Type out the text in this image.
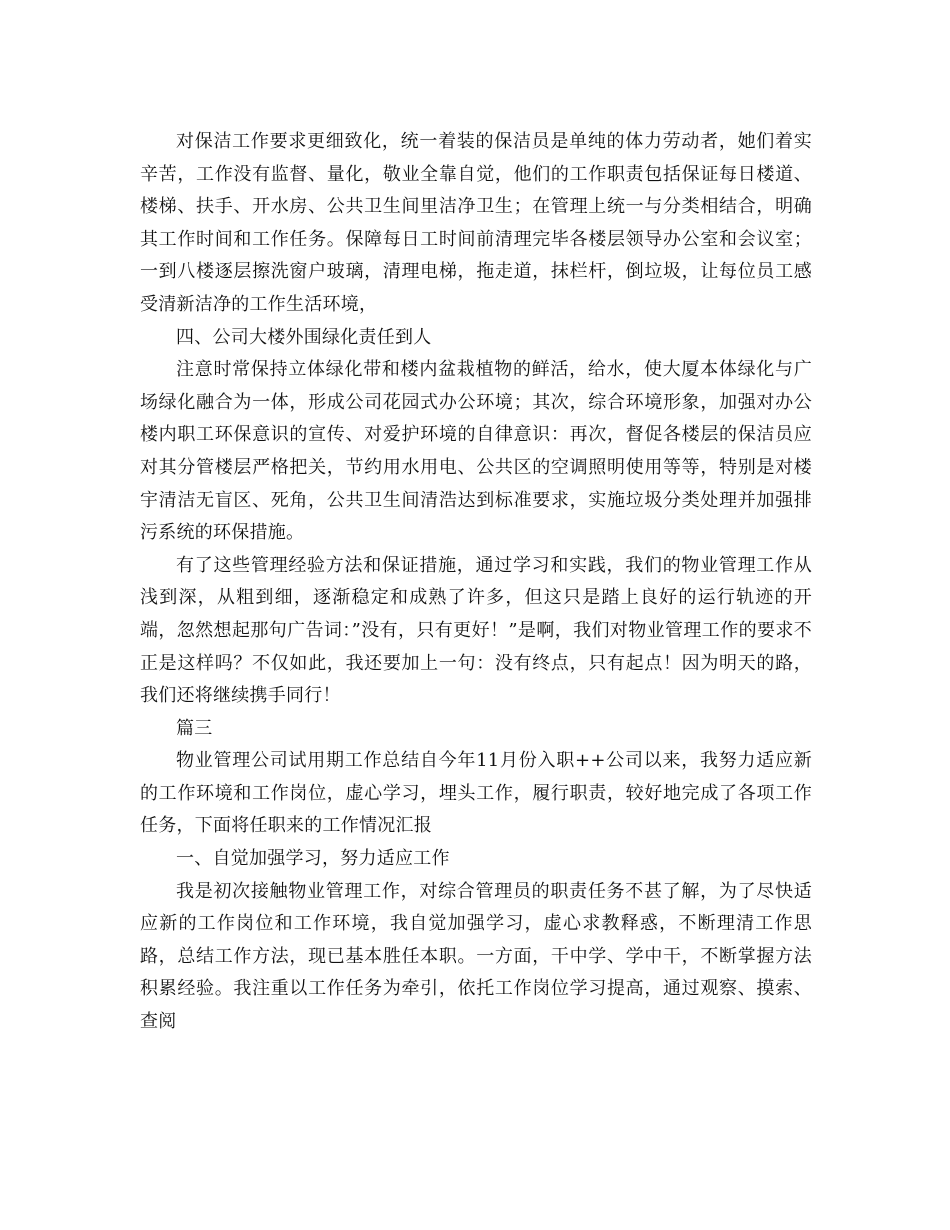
对保洁工作要求更细致化，统一着装的保洁员是单纯的体力劳动者，她们着实辛苦，工作没有监督、量化，敬业全靠自觉，他们的工作职责包括保证每日楼道、楼梯、扶手、开水房、公共卫生间里洁净卫生；在管理上统一与分类相结合，明确其工作时间和工作任务。保障每日工时间前清理完毕各楼层领导办公室和会议室；一到八楼逐层擦洗窗户玻璃，清理电梯，拖走道，抹栏杆，倒垃圾，让每位员工感受清新洁净的工作生活环境，

四、公司大楼外围绿化责任到人

注意时常保持立体绿化带和楼内盆栽植物的鲜活，给水，使大厦本体绿化与广场绿化融合为一体，形成公司花园式办公环境；其次，综合环境形象，加强对办公楼内职工环保意识的宣传、对爱护环境的自律意识：再次，督促各楼层的保洁员应对其分管楼层严格把关，节约用水用电、公共区的空调照明使用等等，特别是对楼宇清洁无盲区、死角，公共卫生间清浩达到标准要求，实施垃圾分类处理并加强排污系统的环保措施。

有了这些管理经验方法和保证措施，通过学习和实践，我们的物业管理工作从浅到深，从粗到细，逐渐稳定和成熟了许多，但这只是踏上良好的运行轨迹的开端，忽然想起那句广告词：”没有，只有更好！”是啊，我们对物业管理工作的要求不正是这样吗？不仅如此，我还要加上一句：没有终点，只有起点！因为明天的路，我们还将继续携手同行！

篇三

物业管理公司试用期工作总结自今年11月份入职++公司以来，我努力适应新的工作环境和工作岗位，虚心学习，埋头工作，履行职责，较好地完成了各项工作任务，下面将任职来的工作情况汇报

一、自觉加强学习，努力适应工作

我是初次接触物业管理工作，对综合管理员的职责任务不甚了解，为了尽快适应新的工作岗位和工作环境，我自觉加强学习，虚心求教释惑，不断理清工作思路，总结工作方法，现已基本胜任本职。一方面，干中学、学中干，不断掌握方法积累经验。我注重以工作任务为牵引，依托工作岗位学习提高，通过观察、摸索、查阅
